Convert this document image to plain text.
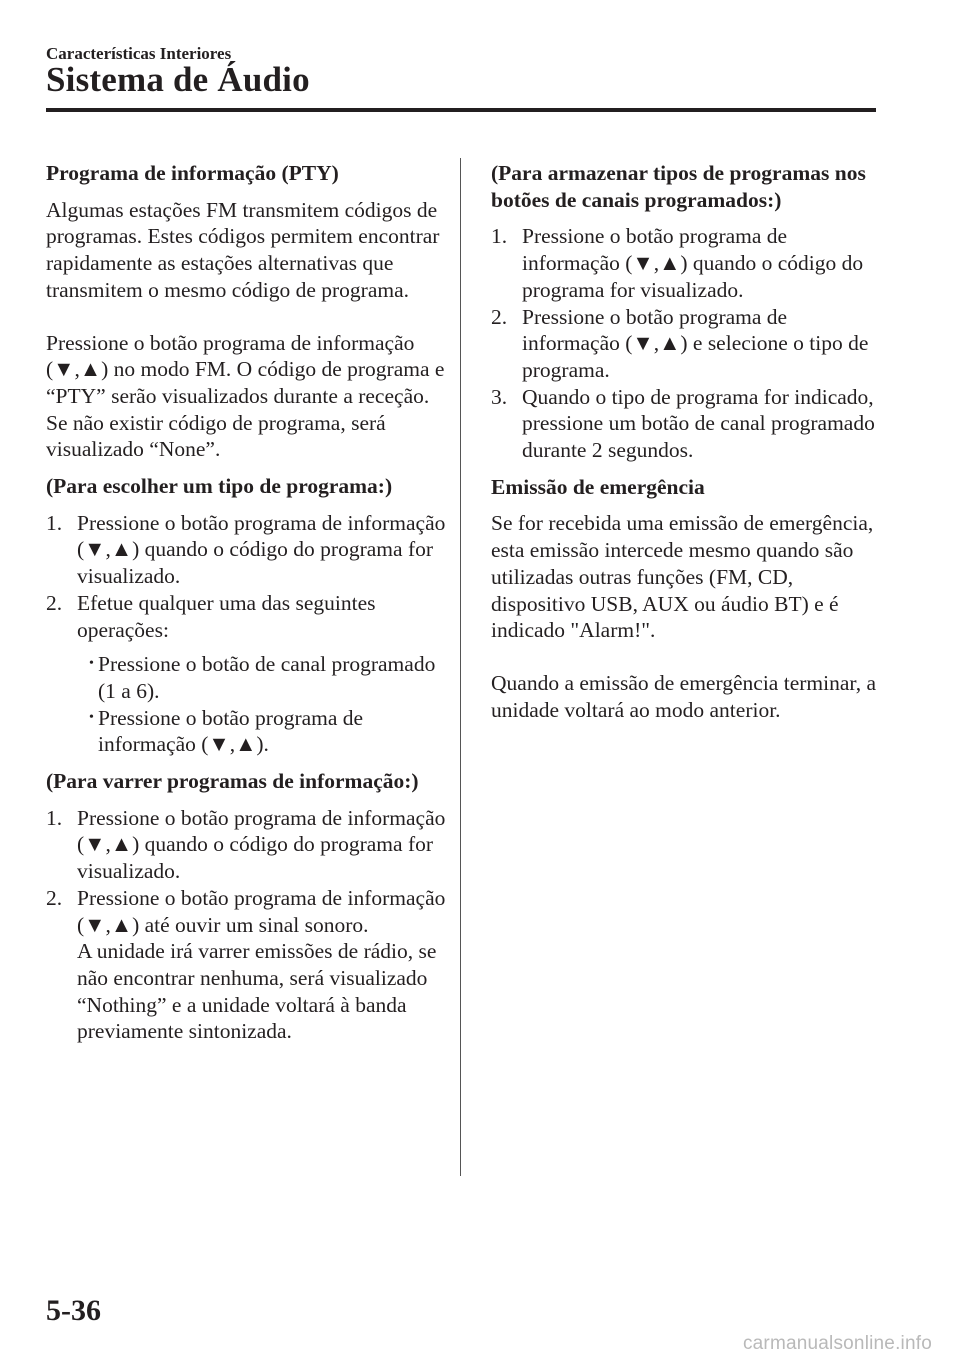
Características Interiores
Sistema de Áudio

Programa de informação (PTY)

Algumas estações FM transmitem códigos de programas. Estes códigos permitem encontrar rapidamente as estações alternativas que transmitem o mesmo código de programa.

Pressione o botão programa de informação (▼,▲) no modo FM. O código de programa e “PTY” serão visualizados durante a receção. Se não existir código de programa, será visualizado “None”.

(Para escolher um tipo de programa:)

1. Pressione o botão programa de informação (▼,▲) quando o código do programa for visualizado.
2. Efetue qualquer uma das seguintes operações:
• Pressione o botão de canal programado (1 a 6).
• Pressione o botão programa de informação (▼,▲).

(Para varrer programas de informação:)

1. Pressione o botão programa de informação (▼,▲) quando o código do programa for visualizado.
2. Pressione o botão programa de informação (▼,▲) até ouvir um sinal sonoro.
A unidade irá varrer emissões de rádio, se não encontrar nenhuma, será visualizado “Nothing” e a unidade voltará à banda previamente sintonizada.

(Para armazenar tipos de programas nos botões de canais programados:)

1. Pressione o botão programa de informação (▼,▲) quando o código do programa for visualizado.
2. Pressione o botão programa de informação (▼,▲) e selecione o tipo de programa.
3. Quando o tipo de programa for indicado, pressione um botão de canal programado durante 2 segundos.

Emissão de emergência

Se for recebida uma emissão de emergência, esta emissão intercede mesmo quando são utilizadas outras funções (FM, CD, dispositivo USB, AUX ou áudio BT) e é indicado "Alarm!".

Quando a emissão de emergência terminar, a unidade voltará ao modo anterior.

5-36
carmanualsonline.info
